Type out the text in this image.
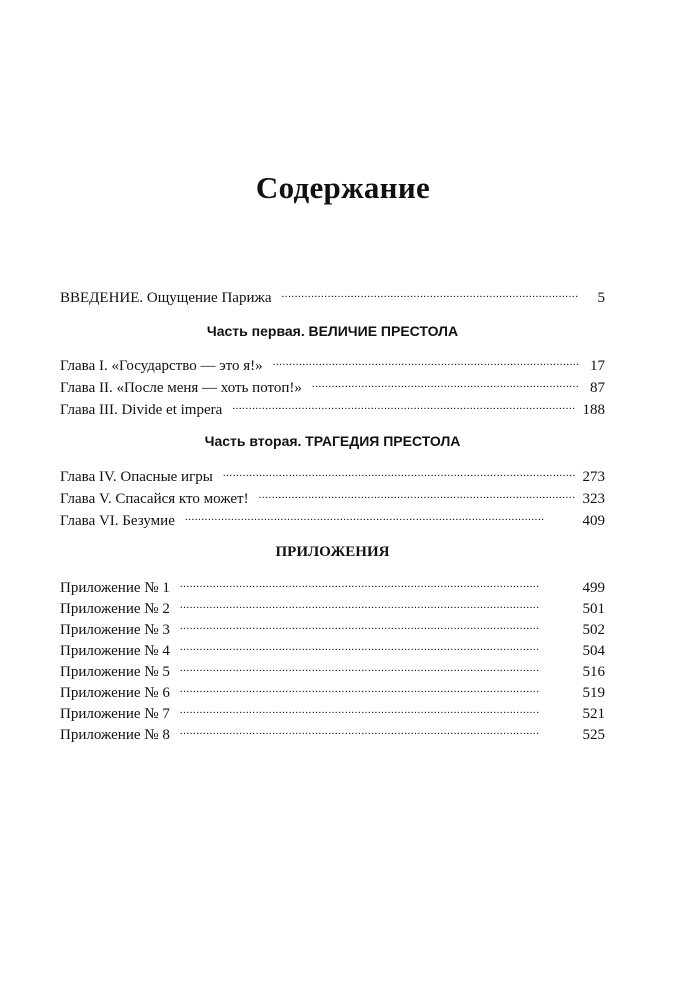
Содержание
ВВЕДЕНИЕ. Ощущение Парижа . . .	5
Часть первая. ВЕЛИЧИЕ ПРЕСТОЛА
Глава I. «Государство — это я!» . . .	17
Глава II. «После меня — хоть потоп!» . . .	87
Глава III. Divide et impera . . .	188
Часть вторая. ТРАГЕДИЯ ПРЕСТОЛА
Глава IV. Опасные игры . . .	273
Глава V. Спасайся кто может! . . .	323
Глава VI. Безумие . . .	409
ПРИЛОЖЕНИЯ
Приложение № 1 . . .	499
Приложение № 2 . . .	501
Приложение № 3 . . .	502
Приложение № 4 . . .	504
Приложение № 5 . . .	516
Приложение № 6 . . .	519
Приложение № 7 . . .	521
Приложение № 8 . . .	525
